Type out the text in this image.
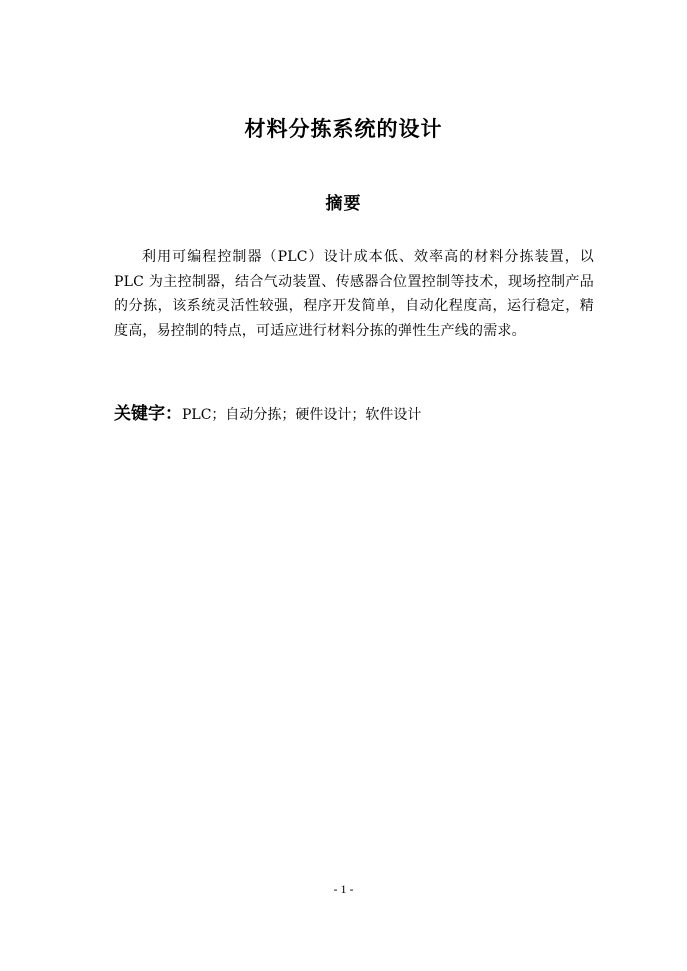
材料分拣系统的设计
摘要

利用可编程控制器（PLC）设计成本低、效率高的材料分拣装置，以 PLC 为主控制器，结合气动装置、传感器合位置控制等技术，现场控制产品的分拣，该系统灵活性较强，程序开发简单，自动化程度高，运行稳定，精度高，易控制的特点，可适应进行材料分拣的弹性生产线的需求。

关键字：PLC；自动分拣；硬件设计；软件设计

- 1 -
